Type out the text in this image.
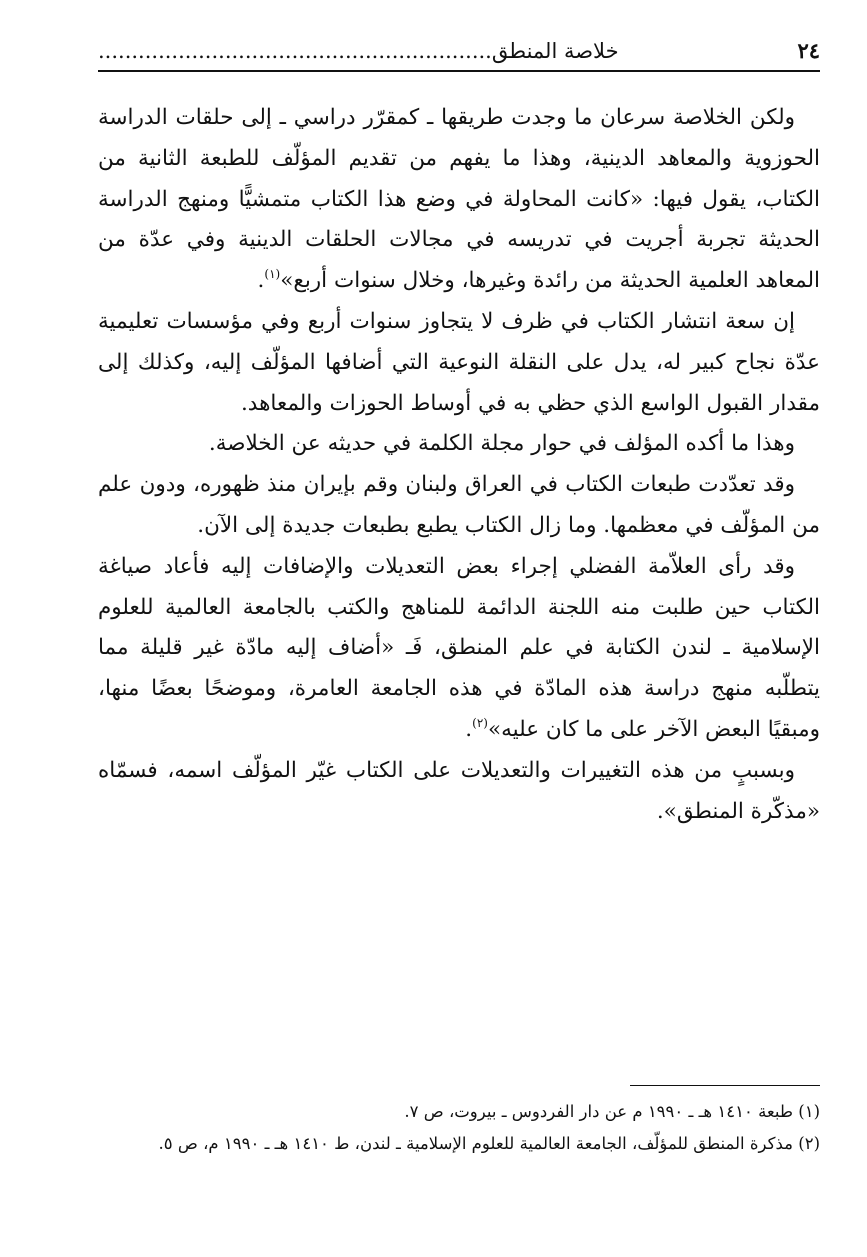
٢٤
خلاصة المنطق...........................................................

ولكن الخلاصة سرعان ما وجدت طريقها ـ كمقرّر دراسي ـ إلى حلقات الدراسة الحوزوية والمعاهد الدينية، وهذا ما يفهم من تقديم المؤلّف للطبعة الثانية من الكتاب، يقول فيها: «كانت المحاولة في وضع هذا الكتاب متمشيًّا ومنهج الدراسة الحديثة تجربة أجريت في تدريسه في مجالات الحلقات الدينية وفي عدّة من المعاهد العلمية الحديثة من رائدة وغيرها، وخلال سنوات أربع»$^{(١)}$.

إن سعة انتشار الكتاب في ظرف لا يتجاوز سنوات أربع وفي مؤسسات تعليمية عدّة نجاح كبير له، يدل على النقلة النوعية التي أضافها المؤلّف إليه، وكذلك إلى مقدار القبول الواسع الذي حظي به في أوساط الحوزات والمعاهد.

وهذا ما أكده المؤلف في حوار مجلة الكلمة في حديثه عن الخلاصة.

وقد تعدّدت طبعات الكتاب في العراق ولبنان وقم بإيران منذ ظهوره، ودون علم من المؤلّف في معظمها. وما زال الكتاب يطبع بطبعات جديدة إلى الآن.

وقد رأى العلاّمة الفضلي إجراء بعض التعديلات والإضافات إليه فأعاد صياغة الكتاب حين طلبت منه اللجنة الدائمة للمناهج والكتب بالجامعة العالمية للعلوم الإسلامية ـ لندن الكتابة في علم المنطق، فَـ «أضاف إليه مادّة غير قليلة مما يتطلّبه منهج دراسة هذه المادّة في هذه الجامعة العامرة، وموضحًا بعضًا منها، ومبقيًا البعض الآخر على ما كان عليه»$^{(٢)}$.

وبسببٍ من هذه التغييرات والتعديلات على الكتاب غيّر المؤلّف اسمه، فسمّاه «مذكّرة المنطق».

(١) طبعة ١٤١٠ هـ ـ ١٩٩٠ م عن دار الفردوس ـ بيروت، ص ٧.

(٢) مذكرة المنطق للمؤلّف، الجامعة العالمية للعلوم الإسلامية ـ لندن، ط ١٤١٠ هـ ـ ١٩٩٠ م، ص ٥.
